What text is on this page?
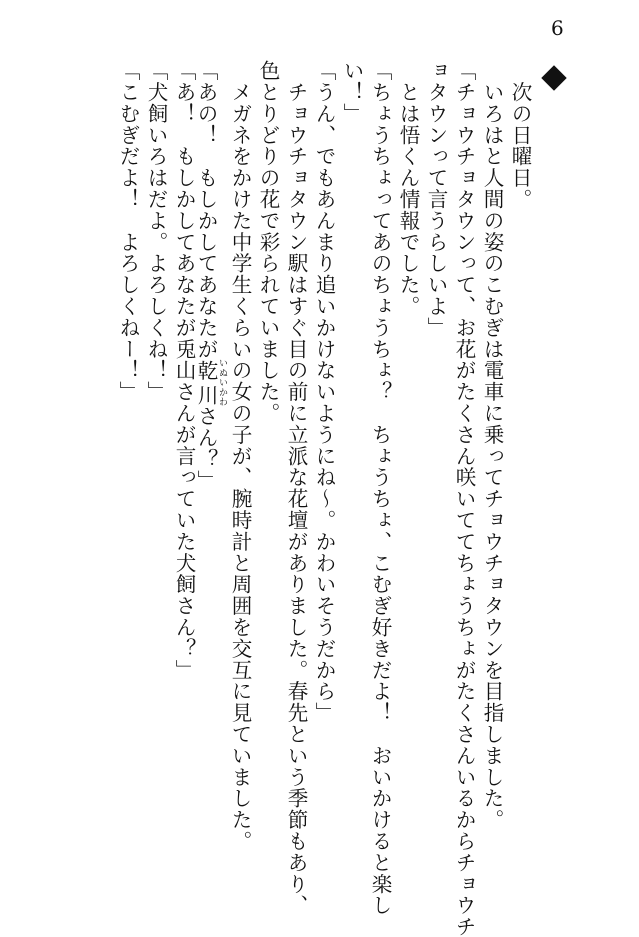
6
　次の日曜日。
　いろはと人間の姿のこむぎは電車に乗ってチョウチョタウンを目指しました。
「チョウチョタウンって、お花がたくさん咲いててちょうちょがたくさんいるからチョウチ
ョタウンって言うらしいよ」
　とは悟くん情報でした。
「ちょうちょってあのちょうちょ？　ちょうちょ、こむぎ好きだよ！　おいかけると楽し
い！」
「うん、でもあんまり追いかけないようにね〜。かわいそうだから」
　チョウチョタウン駅はすぐ目の前に立派な花壇がありました。春先という季節もあり、
色とりどりの花で彩られていました。
　メガネをかけた中学生くらいの女の子が、腕時計と周囲を交互に見ていました。
「あの！　もしかしてあなたが乾川 いぬいかわさん？」
「あ！　もしかしてあなたが兎山さんが言っていた犬飼さん？」
「犬飼いろはだよ。よろしくね！」
「こむぎだよ！　よろしくねー！」
